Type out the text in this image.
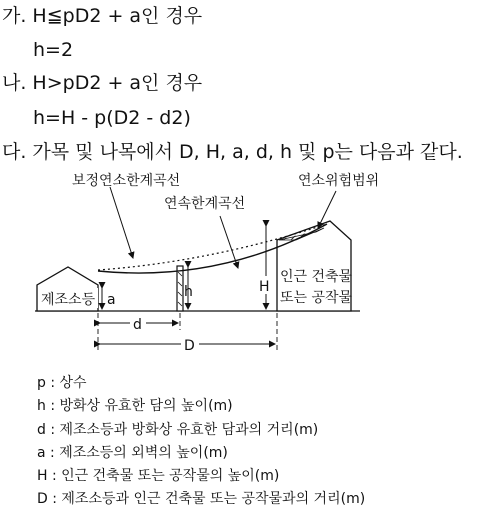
가. H≦pD2 + a인 경우
h=2
나. H>pD2 + a인 경우
h=H - p(D2 - d2)
다. 가목 및 나목에서 D, H, a, d, h 및 p는 다음과 같다.
제조소등 a	h
인근 건축물
또는 공작물
H
보정연소한계곡선
연속한계곡선
연소위험범위
d
D
p : 상수
h : 방화상 유효한 담의 높이(m)
d : 제조소등과 방화상 유효한 담과의 거리(m)
a : 제조소등의 외벽의 높이(m)
H : 인근 건축물 또는 공작물의 높이(m)
D : 제조소등과 인근 건축물 또는 공작물과의 거리(m)
